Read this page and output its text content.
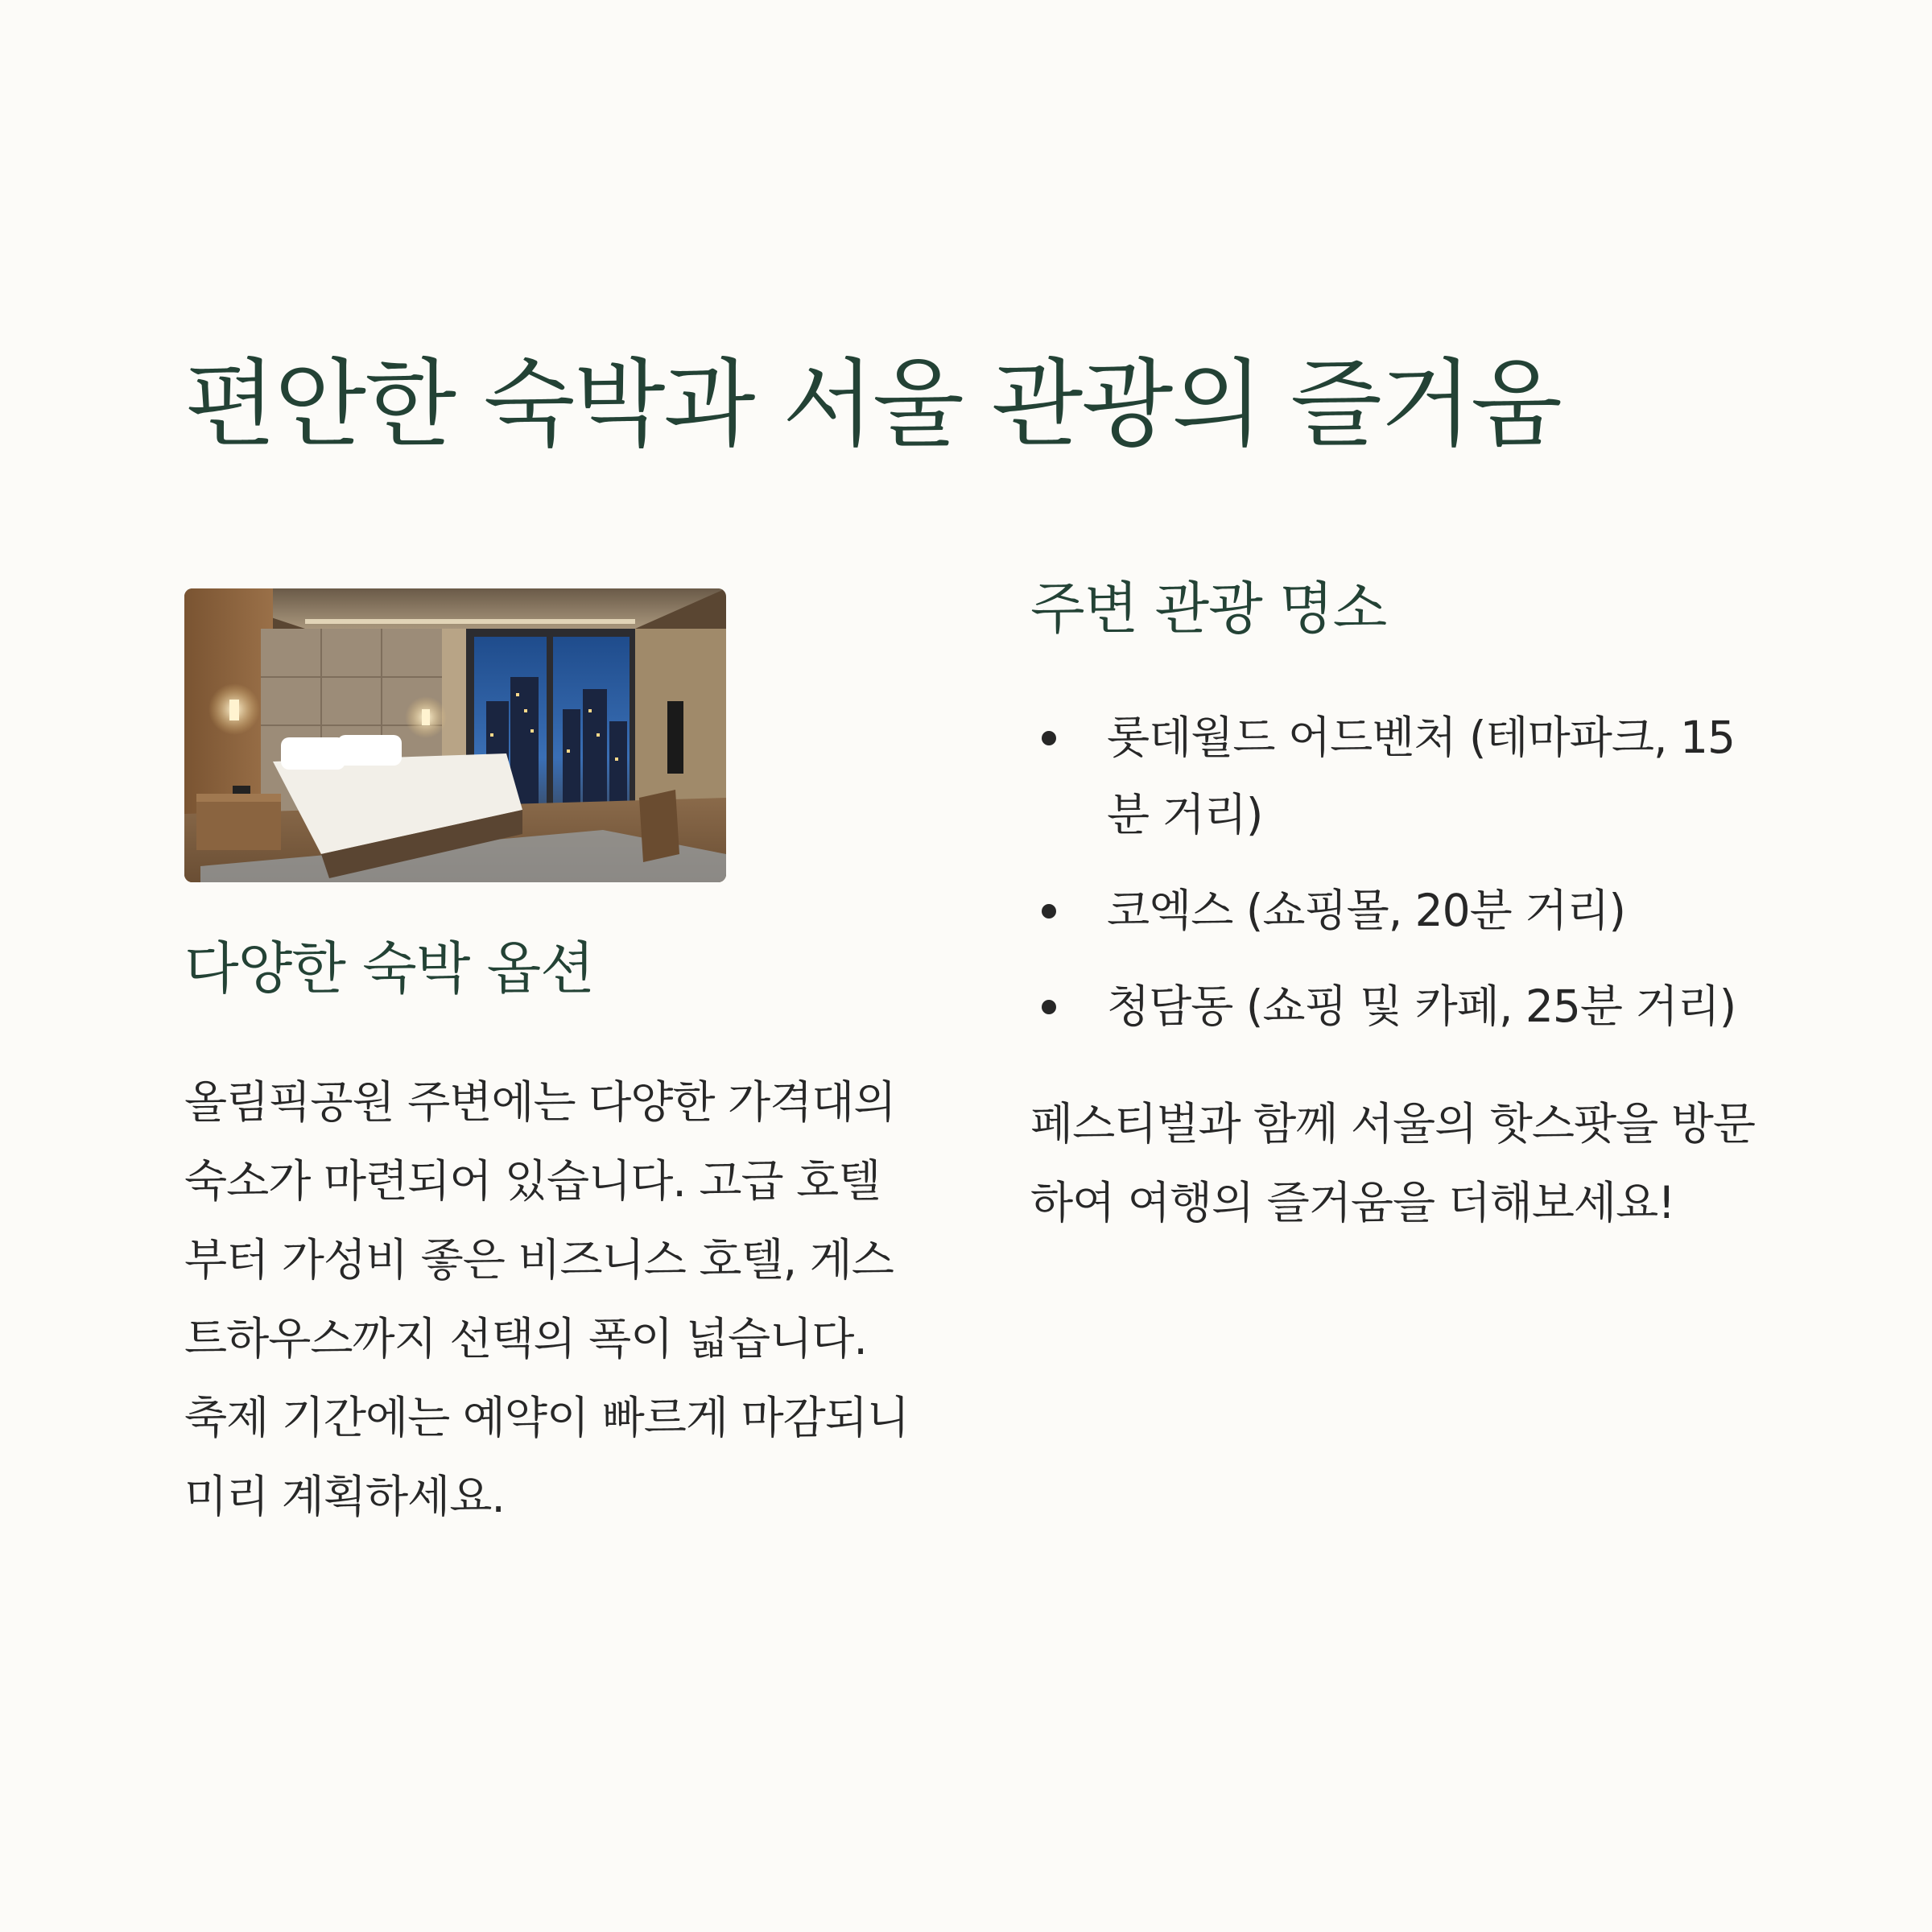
편안한 숙박과 서울 관광의 즐거움
다양한 숙박 옵션

올림픽공원 주변에는 다양한 가격대의 숙소가 마련되어 있습니다. 고급 호텔부터 가성비 좋은 비즈니스 호텔, 게스트하우스까지 선택의 폭이 넓습니다. 축제 기간에는 예약이 빠르게 마감되니 미리 계획하세요.

주변 관광 명소
롯데월드 어드벤처 (테마파크, 15분 거리)
코엑스 (쇼핑몰, 20분 거리)
청담동 (쇼핑 및 카페, 25분 거리)

페스티벌과 함께 서울의 핫스팟을 방문하여 여행의 즐거움을 더해보세요!
